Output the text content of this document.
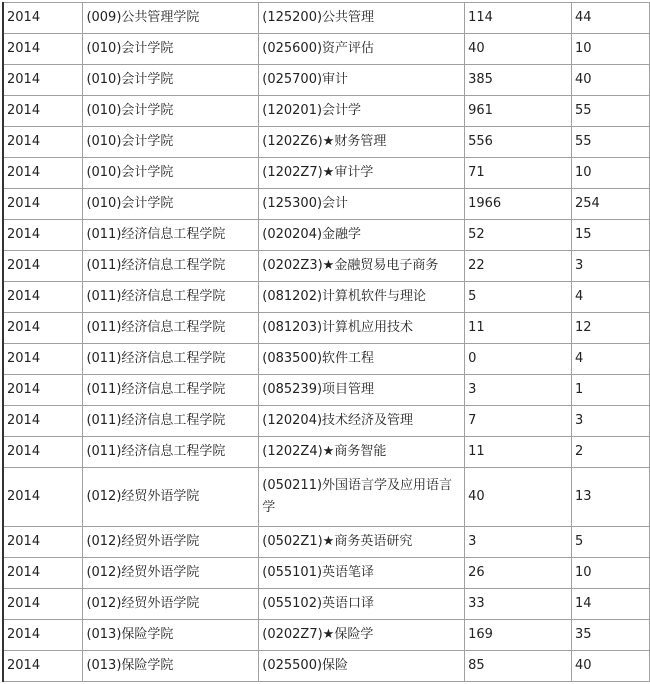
2014	(009)公共管理学院	(125200)公共管理	114	44
2014	(010)会计学院	(025600)资产评估	40	10
2014	(010)会计学院	(025700)审计	385	40
2014	(010)会计学院	(120201)会计学	961	55
2014	(010)会计学院	(1202Z6)★财务管理	556	55
2014	(010)会计学院	(1202Z7)★审计学	71	10
2014	(010)会计学院	(125300)会计	1966	254
2014	(011)经济信息工程学院	(020204)金融学	52	15
2014	(011)经济信息工程学院	(0202Z3)★金融贸易电子商务	22	3
2014	(011)经济信息工程学院	(081202)计算机软件与理论	5	4
2014	(011)经济信息工程学院	(081203)计算机应用技术	11	12
2014	(011)经济信息工程学院	(083500)软件工程	0	4
2014	(011)经济信息工程学院	(085239)项目管理	3	1
2014	(011)经济信息工程学院	(120204)技术经济及管理	7	3
2014	(011)经济信息工程学院	(1202Z4)★商务智能	11	2
2014	(012)经贸外语学院	(050211)外国语言学及应用语言学	40	13
2014	(012)经贸外语学院	(0502Z1)★商务英语研究	3	5
2014	(012)经贸外语学院	(055101)英语笔译	26	10
2014	(012)经贸外语学院	(055102)英语口译	33	14
2014	(013)保险学院	(0202Z7)★保险学	169	35
2014	(013)保险学院	(025500)保险	85	40
